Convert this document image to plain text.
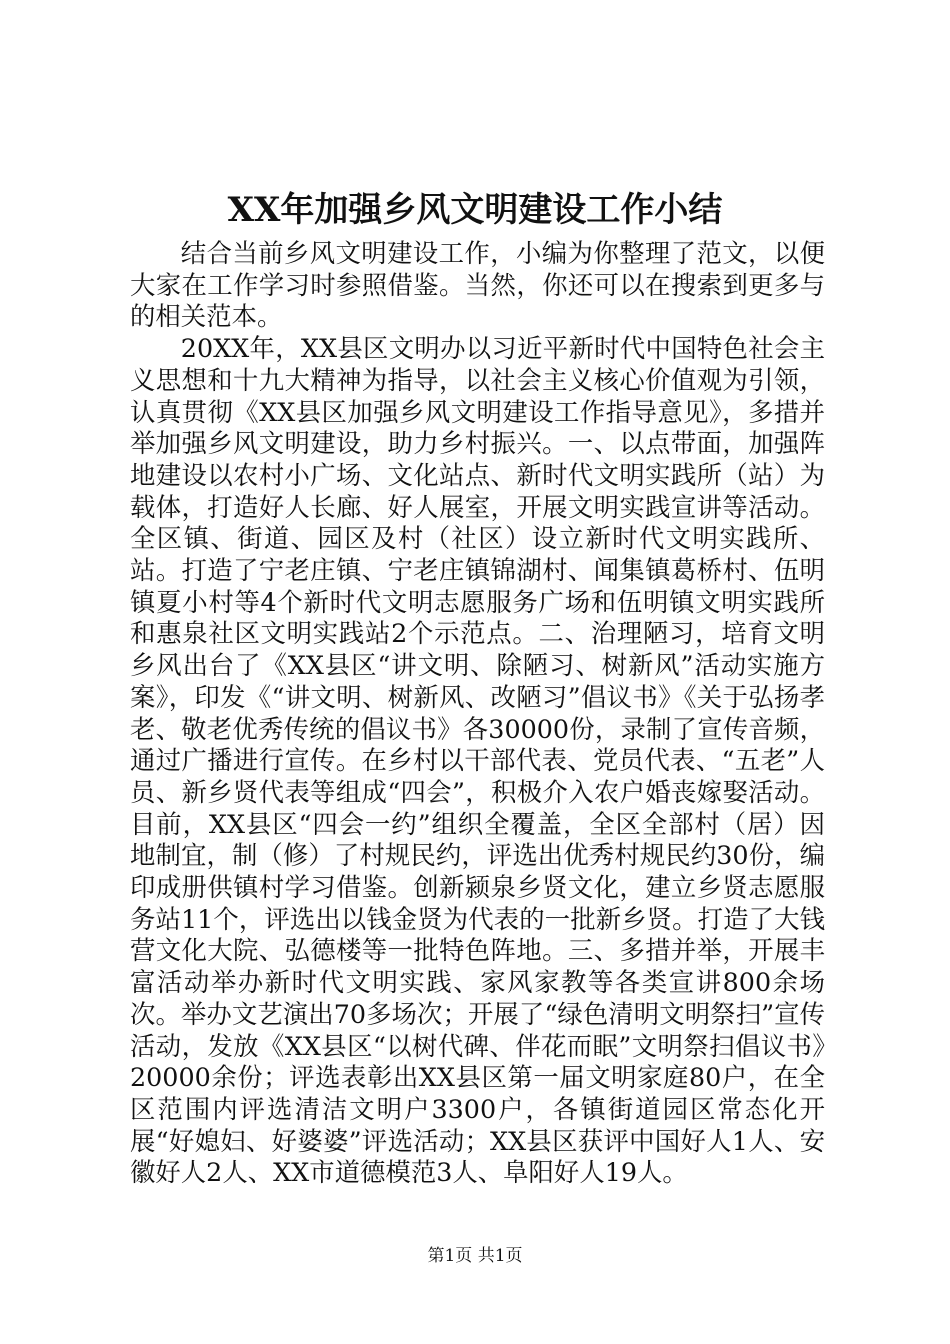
XX年加强乡风文明建设工作小结

结合当前乡风文明建设工作，小编为你整理了范文，以便大家在工作学习时参照借鉴。当然，你还可以在搜索到更多与的相关范本。

20XX年，XX县区文明办以习近平新时代中国特色社会主义思想和十九大精神为指导，以社会主义核心价值观为引领，认真贯彻《XX县区加强乡风文明建设工作指导意见》，多措并举加强乡风文明建设，助力乡村振兴。一、以点带面，加强阵地建设以农村小广场、文化站点、新时代文明实践所（站）为载体，打造好人长廊、好人展室，开展文明实践宣讲等活动。全区镇、街道、园区及村（社区）设立新时代文明实践所、站。打造了宁老庄镇、宁老庄镇锦湖村、闻集镇葛桥村、伍明镇夏小村等4个新时代文明志愿服务广场和伍明镇文明实践所和惠泉社区文明实践站2个示范点。二、治理陋习，培育文明乡风出台了《XX县区“讲文明、除陋习、树新风”活动实施方案》，印发《“讲文明、树新风、改陋习”倡议书》《关于弘扬孝老、敬老优秀传统的倡议书》各30000份，录制了宣传音频，通过广播进行宣传。在乡村以干部代表、党员代表、“五老”人员、新乡贤代表等组成“四会”，积极介入农户婚丧嫁娶活动。目前，XX县区“四会一约”组织全覆盖，全区全部村（居）因地制宜，制（修）了村规民约，评选出优秀村规民约30份，编印成册供镇村学习借鉴。创新颍泉乡贤文化，建立乡贤志愿服务站11个，评选出以钱金贤为代表的一批新乡贤。打造了大钱营文化大院、弘德楼等一批特色阵地。三、多措并举，开展丰富活动举办新时代文明实践、家风家教等各类宣讲800余场次。举办文艺演出70多场次；开展了“绿色清明文明祭扫”宣传活动，发放《XX县区“以树代碑、伴花而眠”文明祭扫倡议书》20000余份；评选表彰出XX县区第一届文明家庭80户，在全区范围内评选清洁文明户3300户，各镇街道园区常态化开展“好媳妇、好婆婆”评选活动；XX县区获评中国好人1人、安徽好人2人、XX市道德模范3人、阜阳好人19人。

第1页 共1页
